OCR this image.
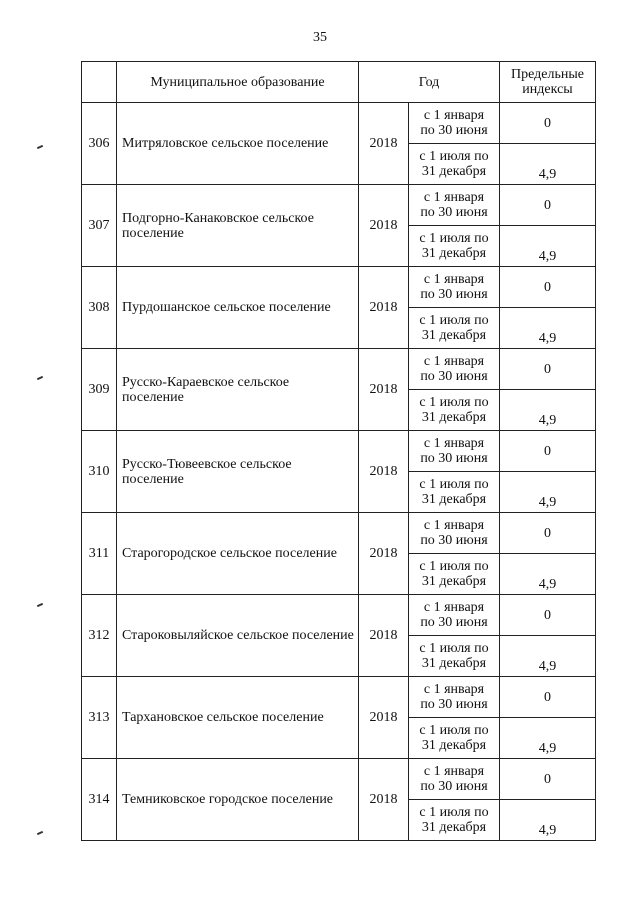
35
	Муниципальное образование	Год		Предельные
индексы
306	Митряловское сельское поселение	2018	с 1 января
по 30 июня	0
			с 1 июля по
31 декабря	4,9
307	Подгорно-Канаковское сельское поселение	2018	с 1 января
по 30 июня	0
			с 1 июля по
31 декабря	4,9
308	Пурдошанское сельское поселение	2018	с 1 января
по 30 июня	0
			с 1 июля по
31 декабря	4,9
309	Русско-Караевское сельское поселение	2018	с 1 января
по 30 июня	0
			с 1 июля по
31 декабря	4,9
310	Русско-Тювеевское сельское поселение	2018	с 1 января
по 30 июня	0
			с 1 июля по
31 декабря	4,9
311	Старогородское сельское поселение	2018	с 1 января
по 30 июня	0
			с 1 июля по
31 декабря	4,9
312	Староковыляйское сельское поселение	2018	с 1 января
по 30 июня	0
			с 1 июля по
31 декабря	4,9
313	Тархановское сельское поселение	2018	с 1 января
по 30 июня	0
			с 1 июля по
31 декабря	4,9
314	Темниковское городское поселение	2018	с 1 января
по 30 июня	0
			с 1 июля по
31 декабря	4,9
